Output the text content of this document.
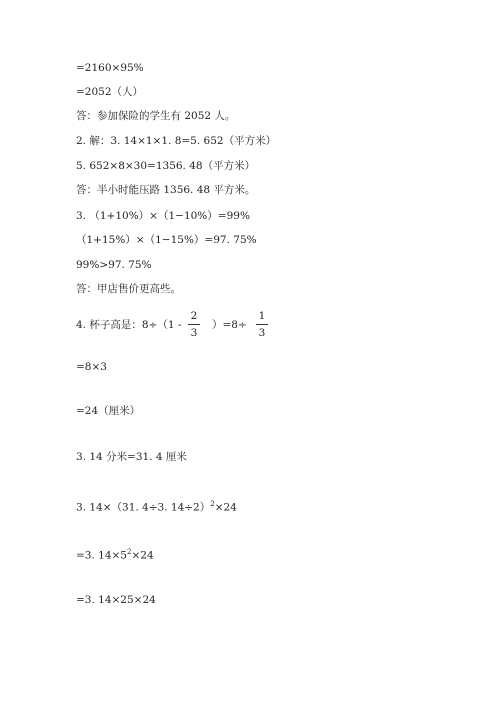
=2160×95%
=2052（人）
答：参加保险的学生有 2052 人。
2. 解：3. 14×1×1. 8=5. 652（平方米）
5. 652×8×30=1356. 48（平方米）
答：半小时能压路 1356. 48 平方米。
3. （1+10%）×（1−10%）=99%
（1+15%）×（1−15%）=97. 75%
99%>97. 75%
答：甲店售价更高些。
4. 杯子高是：8÷（1 -
2
3
）=8÷
1
3
=8×3
=24（厘米）
3. 14 分米=31. 4 厘米
3. 14×（31. 4÷3. 14÷2）$^2$×24
=3. $14\times 5^2\times 24$
=3. 14×25×24
